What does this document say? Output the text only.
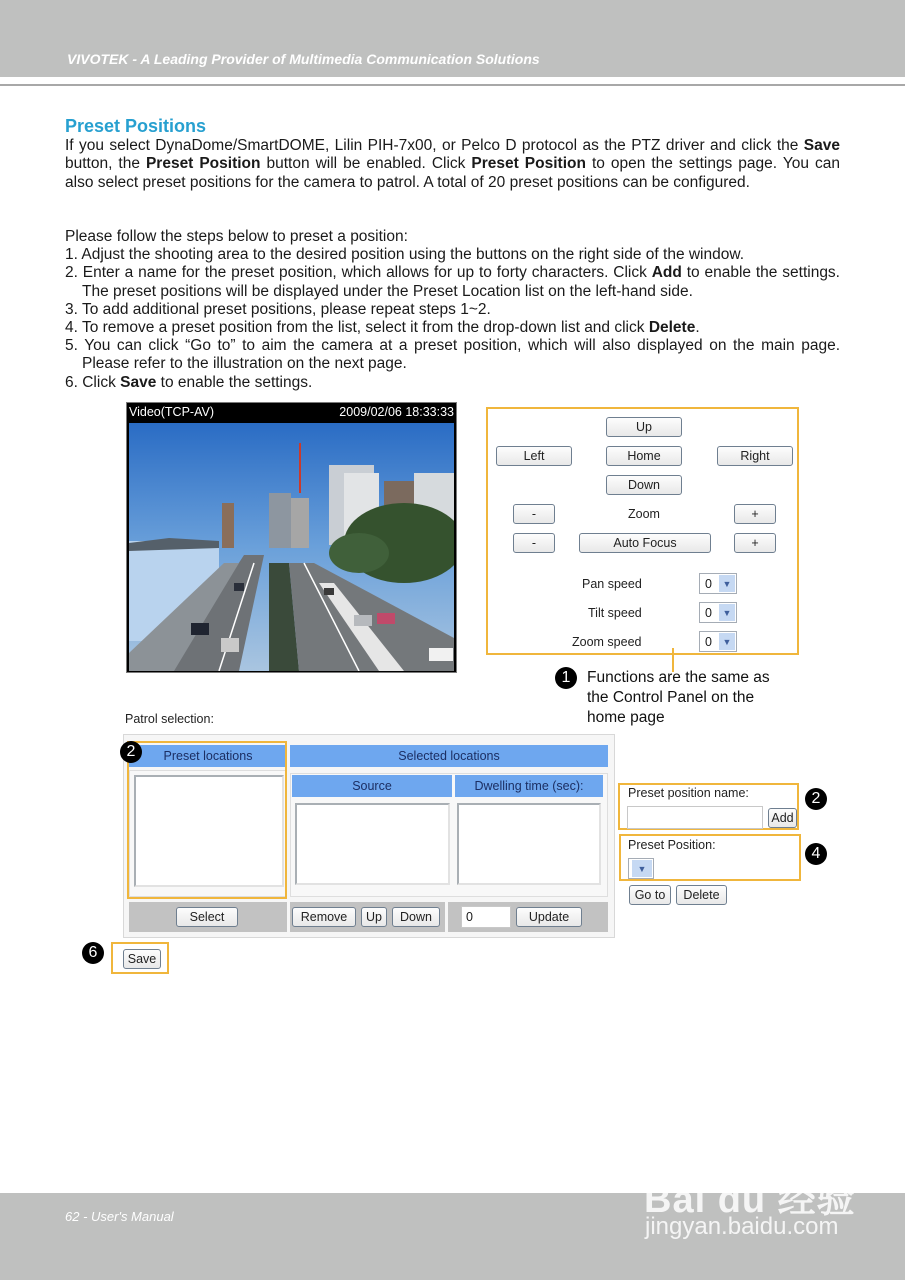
VIVOTEK - A Leading Provider of Multimedia Communication Solutions
Preset Positions
If you select DynaDome/SmartDOME, Lilin PIH-7x00, or Pelco D protocol as the PTZ driver and click the Save button, the Preset Position button will be enabled. Click Preset Position to open the settings page. You can also select preset positions for the camera to patrol. A total of 20 preset positions can be configured.
Please follow the steps below to preset a position:
1. Adjust the shooting area to the desired position using the buttons on the right side of the window.
2. Enter a name for the preset position, which allows for up to forty characters. Click Add to enable the settings. The preset positions will be displayed under the Preset Location list on the left-hand side.
3. To add additional preset positions, please repeat steps 1~2.
4. To remove a preset position from the list, select it from the drop-down list and click Delete.
5. You can click “Go to” to aim the camera at a preset position, which will also displayed on the main page. Please refer to the illustration on the next page.
6. Click Save to enable the settings.
Video(TCP-AV)	2009/02/06 18:33:33
Up
Left	Home	Right
Down
-	Zoom	+
-	Auto Focus	+
Pan speed	0	▼
Tilt speed	0	▼
Zoom speed	0	▼
1	Functions are the same as the Control Panel on the home page
Patrol selection:
Preset locations	Selected locations
Source	Dwelling time (sec):
Select	Remove	Up	Down	0	Update
2
Preset position name:
Add
2
Preset Position:
▼
4
Go to	Delete
6	Save
62 - User's Manual	Bai du 经验
jingyan.baidu.com
